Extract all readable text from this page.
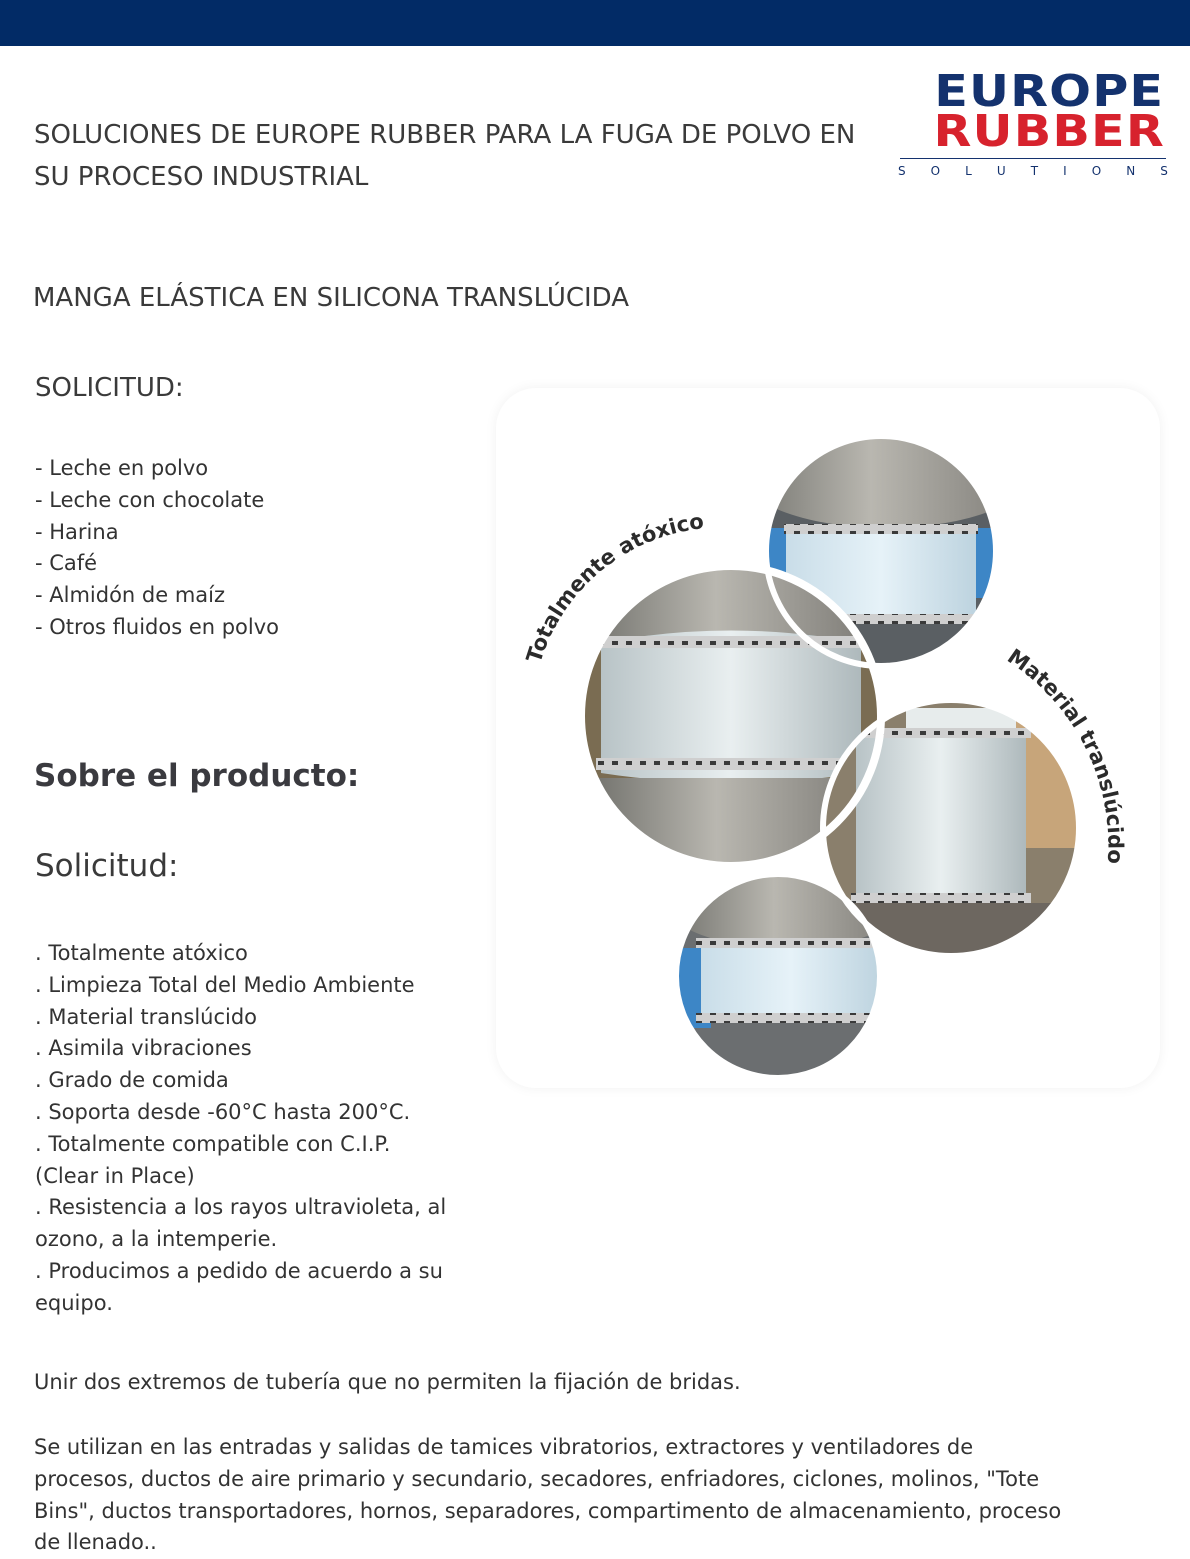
EUROPE
RUBBER
S O L U T I O N S
SOLUCIONES DE EUROPE RUBBER PARA LA FUGA DE POLVO EN SU PROCESO INDUSTRIAL
MANGA ELÁSTICA EN SILICONA TRANSLÚCIDA
SOLICITUD:
- Leche en polvo
- Leche con chocolate
- Harina
- Café
- Almidón de maíz
- Otros fluidos en polvo
Sobre el producto:
Solicitud:
. Totalmente atóxico
. Limpieza Total del Medio Ambiente
. Material translúcido
. Asimila vibraciones
. Grado de comida
. Soporta desde -60°C hasta 200°C.
. Totalmente compatible con C.I.P. (Clear in Place)
. Resistencia a los rayos ultravioleta, al ozono, a la intemperie.
. Producimos a pedido de acuerdo a su equipo.
Totalmente atóxico
Material translúcido
Unir dos extremos de tubería que no permiten la fijación de bridas.
Se utilizan en las entradas y salidas de tamices vibratorios, extractores y ventiladores de procesos, ductos de aire primario y secundario, secadores, enfriadores, ciclones, molinos, "Tote Bins", ductos transportadores, hornos, separadores, compartimento de almacenamiento, proceso de llenado..
